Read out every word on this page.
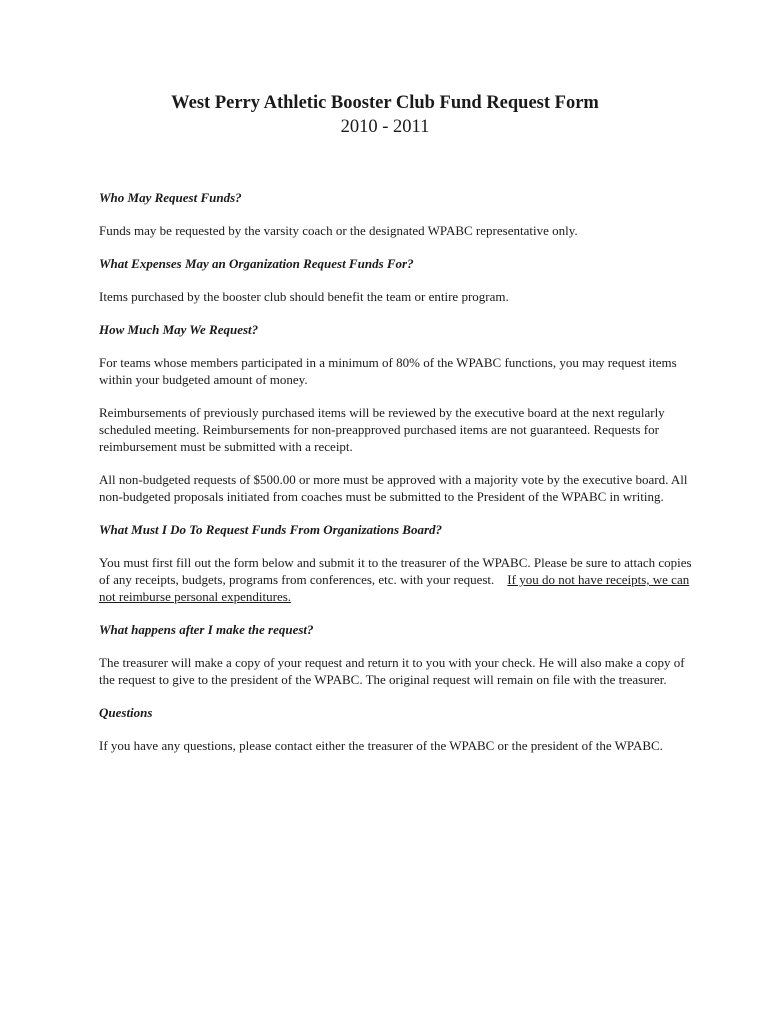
West Perry Athletic Booster Club Fund Request Form
2010 - 2011

Who May Request Funds?

Funds may be requested by the varsity coach or the designated WPABC representative only.

What Expenses May an Organization Request Funds For?

Items purchased by the booster club should benefit the team or entire program.

How Much May We Request?

For teams whose members participated in a minimum of 80% of the WPABC functions, you may request items within your budgeted amount of money.

Reimbursements of previously purchased items will be reviewed by the executive board at the next regularly scheduled meeting. Reimbursements for non-preapproved purchased items are not guaranteed. Requests for reimbursement must be submitted with a receipt.

All non-budgeted requests of $500.00 or more must be approved with a majority vote by the executive board. All non-budgeted proposals initiated from coaches must be submitted to the President of the WPABC in writing.

What Must I Do To Request Funds From Organizations Board?

You must first fill out the form below and submit it to the treasurer of the WPABC. Please be sure to attach copies of any receipts, budgets, programs from conferences, etc. with your request. If you do not have receipts, we can not reimburse personal expenditures.

What happens after I make the request?

The treasurer will make a copy of your request and return it to you with your check. He will also make a copy of the request to give to the president of the WPABC. The original request will remain on file with the treasurer.

Questions

If you have any questions, please contact either the treasurer of the WPABC or the president of the WPABC.
